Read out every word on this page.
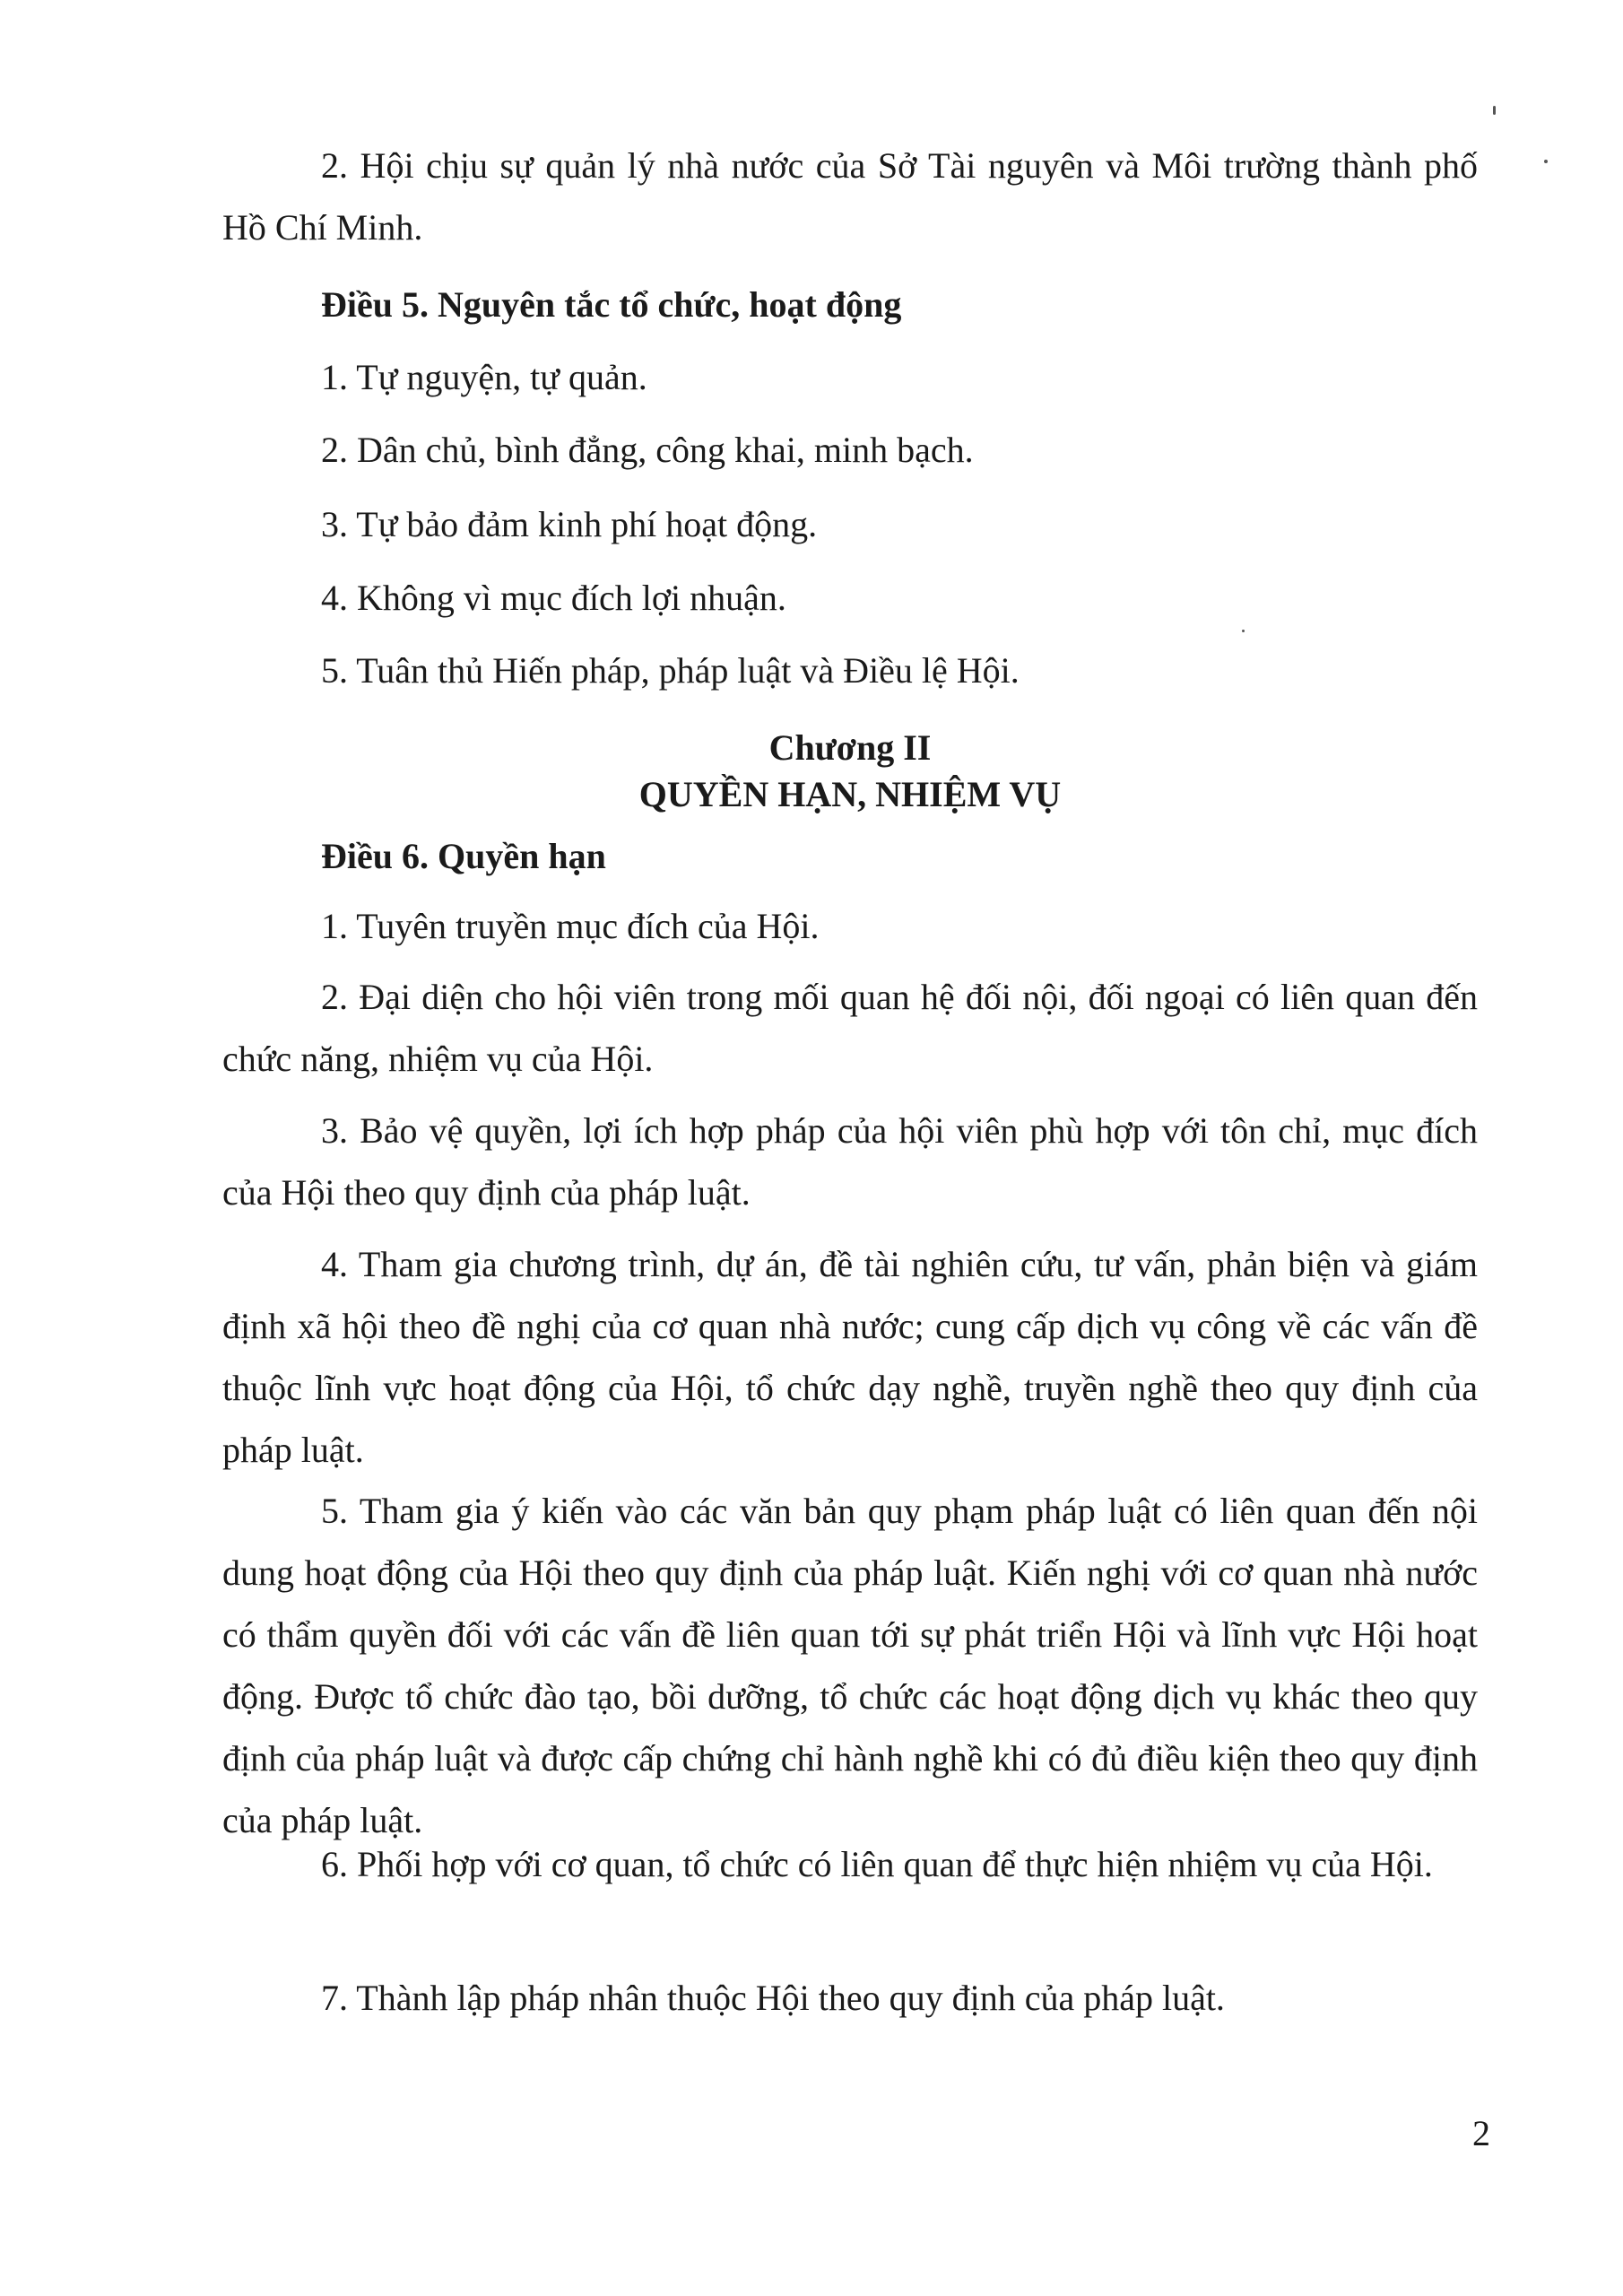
2. Hội chịu sự quản lý nhà nước của Sở Tài nguyên và Môi trường thành phố Hồ Chí Minh.

Điều 5. Nguyên tắc tổ chức, hoạt động

1. Tự nguyện, tự quản.

2. Dân chủ, bình đẳng, công khai, minh bạch.

3. Tự bảo đảm kinh phí hoạt động.

4. Không vì mục đích lợi nhuận.

5. Tuân thủ Hiến pháp, pháp luật và Điều lệ Hội.

Chương II

QUYỀN HẠN, NHIỆM VỤ

Điều 6. Quyền hạn

1. Tuyên truyền mục đích của Hội.

2. Đại diện cho hội viên trong mối quan hệ đối nội, đối ngoại có liên quan đến chức năng, nhiệm vụ của Hội.

3. Bảo vệ quyền, lợi ích hợp pháp của hội viên phù hợp với tôn chỉ, mục đích của Hội theo quy định của pháp luật.

4. Tham gia chương trình, dự án, đề tài nghiên cứu, tư vấn, phản biện và giám định xã hội theo đề nghị của cơ quan nhà nước; cung cấp dịch vụ công về các vấn đề thuộc lĩnh vực hoạt động của Hội, tổ chức dạy nghề, truyền nghề theo quy định của pháp luật.

5. Tham gia ý kiến vào các văn bản quy phạm pháp luật có liên quan đến nội dung hoạt động của Hội theo quy định của pháp luật. Kiến nghị với cơ quan nhà nước có thẩm quyền đối với các vấn đề liên quan tới sự phát triển Hội và lĩnh vực Hội hoạt động. Được tổ chức đào tạo, bồi dưỡng, tổ chức các hoạt động dịch vụ khác theo quy định của pháp luật và được cấp chứng chỉ hành nghề khi có đủ điều kiện theo quy định của pháp luật.

6. Phối hợp với cơ quan, tổ chức có liên quan để thực hiện nhiệm vụ của Hội.

7. Thành lập pháp nhân thuộc Hội theo quy định của pháp luật.

2
